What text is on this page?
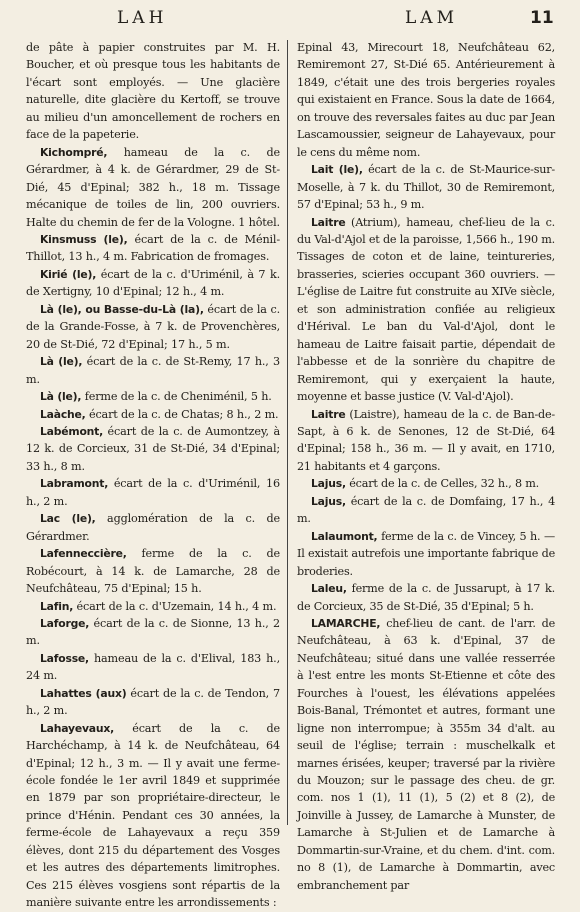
LAH	LAM	11
de pâte à papier construites par M. H. Boucher, et où presque tous les habitants de l'écart sont employés. — Une glacière naturelle, dite glacière du Kertoff, se trouve au milieu d'un amoncellement de rochers en face de la papeterie.
Kichompré, hameau de la c. de Gérardmer, à 4 k. de Gérardmer, 29 de St-Dié, 45 d'Epinal; 382 h., 18 m. Tissage mécanique de toiles de lin, 200 ouvriers. Halte du chemin de fer de la Vologne. 1 hôtel.
Kinsmuss (le), écart de la c. de Ménil-Thillot, 13 h., 4 m. Fabrication de fromages.
Kirié (le), écart de la c. d'Uriménil, à 7 k. de Xertigny, 10 d'Epinal; 12 h., 4 m.
Là (le), ou Basse-du-Là (la), écart de la c. de la Grande-Fosse, à 7 k. de Provenchères, 20 de St-Dié, 72 d'Epinal; 17 h., 5 m.
Là (le), écart de la c. de St-Remy, 17 h., 3 m.
Là (le), ferme de la c. de Cheniménil, 5 h.
Laàche, écart de la c. de Chatas; 8 h., 2 m.
Labémont, écart de la c. de Aumontzey, à 12 k. de Corcieux, 31 de St-Dié, 34 d'Epinal; 33 h., 8 m.
Labramont, écart de la c. d'Uriménil, 16 h., 2 m.
Lac (le), agglomération de la c. de Gérardmer.
Lafenneccière, ferme de la c. de Robécourt, à 14 k. de Lamarche, 28 de Neufchâteau, 75 d'Epinal; 15 h.
Lafin, écart de la c. d'Uzemain, 14 h., 4 m.
Laforge, écart de la c. de Sionne, 13 h., 2 m.
Lafosse, hameau de la c. d'Elival, 183 h., 24 m.
Lahattes (aux) écart de la c. de Tendon, 7 h., 2 m.
Lahayevaux, écart de la c. de Harchéchamp, à 14 k. de Neufchâteau, 64 d'Epinal; 12 h., 3 m. — Il y avait une ferme-école fondée le 1er avril 1849 et supprimée en 1879 par son propriétaire-directeur, le prince d'Hénin. Pendant ces 30 années, la ferme-école de Lahayevaux a reçu 359 élèves, dont 215 du département des Vosges et les autres des départements limitrophes. Ces 215 élèves vosgiens sont répartis de la manière suivante entre les arrondissements :
Epinal 43, Mirecourt 18, Neufchâteau 62, Remiremont 27, St-Dié 65. Antérieurement à 1849, c'était une des trois bergeries royales qui existaient en France. Sous la date de 1664, on trouve des reversales faites au duc par Jean Lascamoussier, seigneur de Lahayevaux, pour le cens du même nom.
Lait (le), écart de la c. de St-Maurice-sur-Moselle, à 7 k. du Thillot, 30 de Remiremont, 57 d'Epinal; 53 h., 9 m.
Laitre (Atrium), hameau, chef-lieu de la c. du Val-d'Ajol et de la paroisse, 1,566 h., 190 m. Tissages de coton et de laine, teintureries, brasseries, scieries occupant 360 ouvriers. — L'église de Laitre fut construite au XIVe siècle, et son administration confiée au religieux d'Hérival. Le ban du Val-d'Ajol, dont le hameau de Laitre faisait partie, dépendait de l'abbesse et de la sonrière du chapitre de Remiremont, qui y exerçaient la haute, moyenne et basse justice (V. Val-d'Ajol).
Laitre (Laistre), hameau de la c. de Ban-de-Sapt, à 6 k. de Senones, 12 de St-Dié, 64 d'Epinal; 158 h., 36 m. — Il y avait, en 1710, 21 habitants et 4 garçons.
Lajus, écart de la c. de Celles, 32 h., 8 m.
Lajus, écart de la c. de Domfaing, 17 h., 4 m.
Lalaumont, ferme de la c. de Vincey, 5 h. — Il existait autrefois une importante fabrique de broderies.
Laleu, ferme de la c. de Jussarupt, à 17 k. de Corcieux, 35 de St-Dié, 35 d'Epinal; 5 h.
LAMARCHE, chef-lieu de cant. de l'arr. de Neufchâteau, à 63 k. d'Epinal, 37 de Neufchâteau; situé dans une vallée resserrée à l'est entre les monts St-Etienne et côte des Fourches à l'ouest, les élévations appelées Bois-Banal, Trémontet et autres, formant une ligne non interrompue; à 355m 34 d'alt. au seuil de l'église; terrain : muschelkalk et marnes érisées, keuper; traversé par la rivière du Mouzon; sur le passage des cheu. de gr. com. nos 1 (1), 11 (1), 5 (2) et 8 (2), de Joinville à Jussey, de Lamarche à Munster, de Lamarche à St-Julien et de Lamarche à Dommartin-sur-Vraine, et du chem. d'int. com. no 8 (1), de Lamarche à Dommartin, avec embranchement par
